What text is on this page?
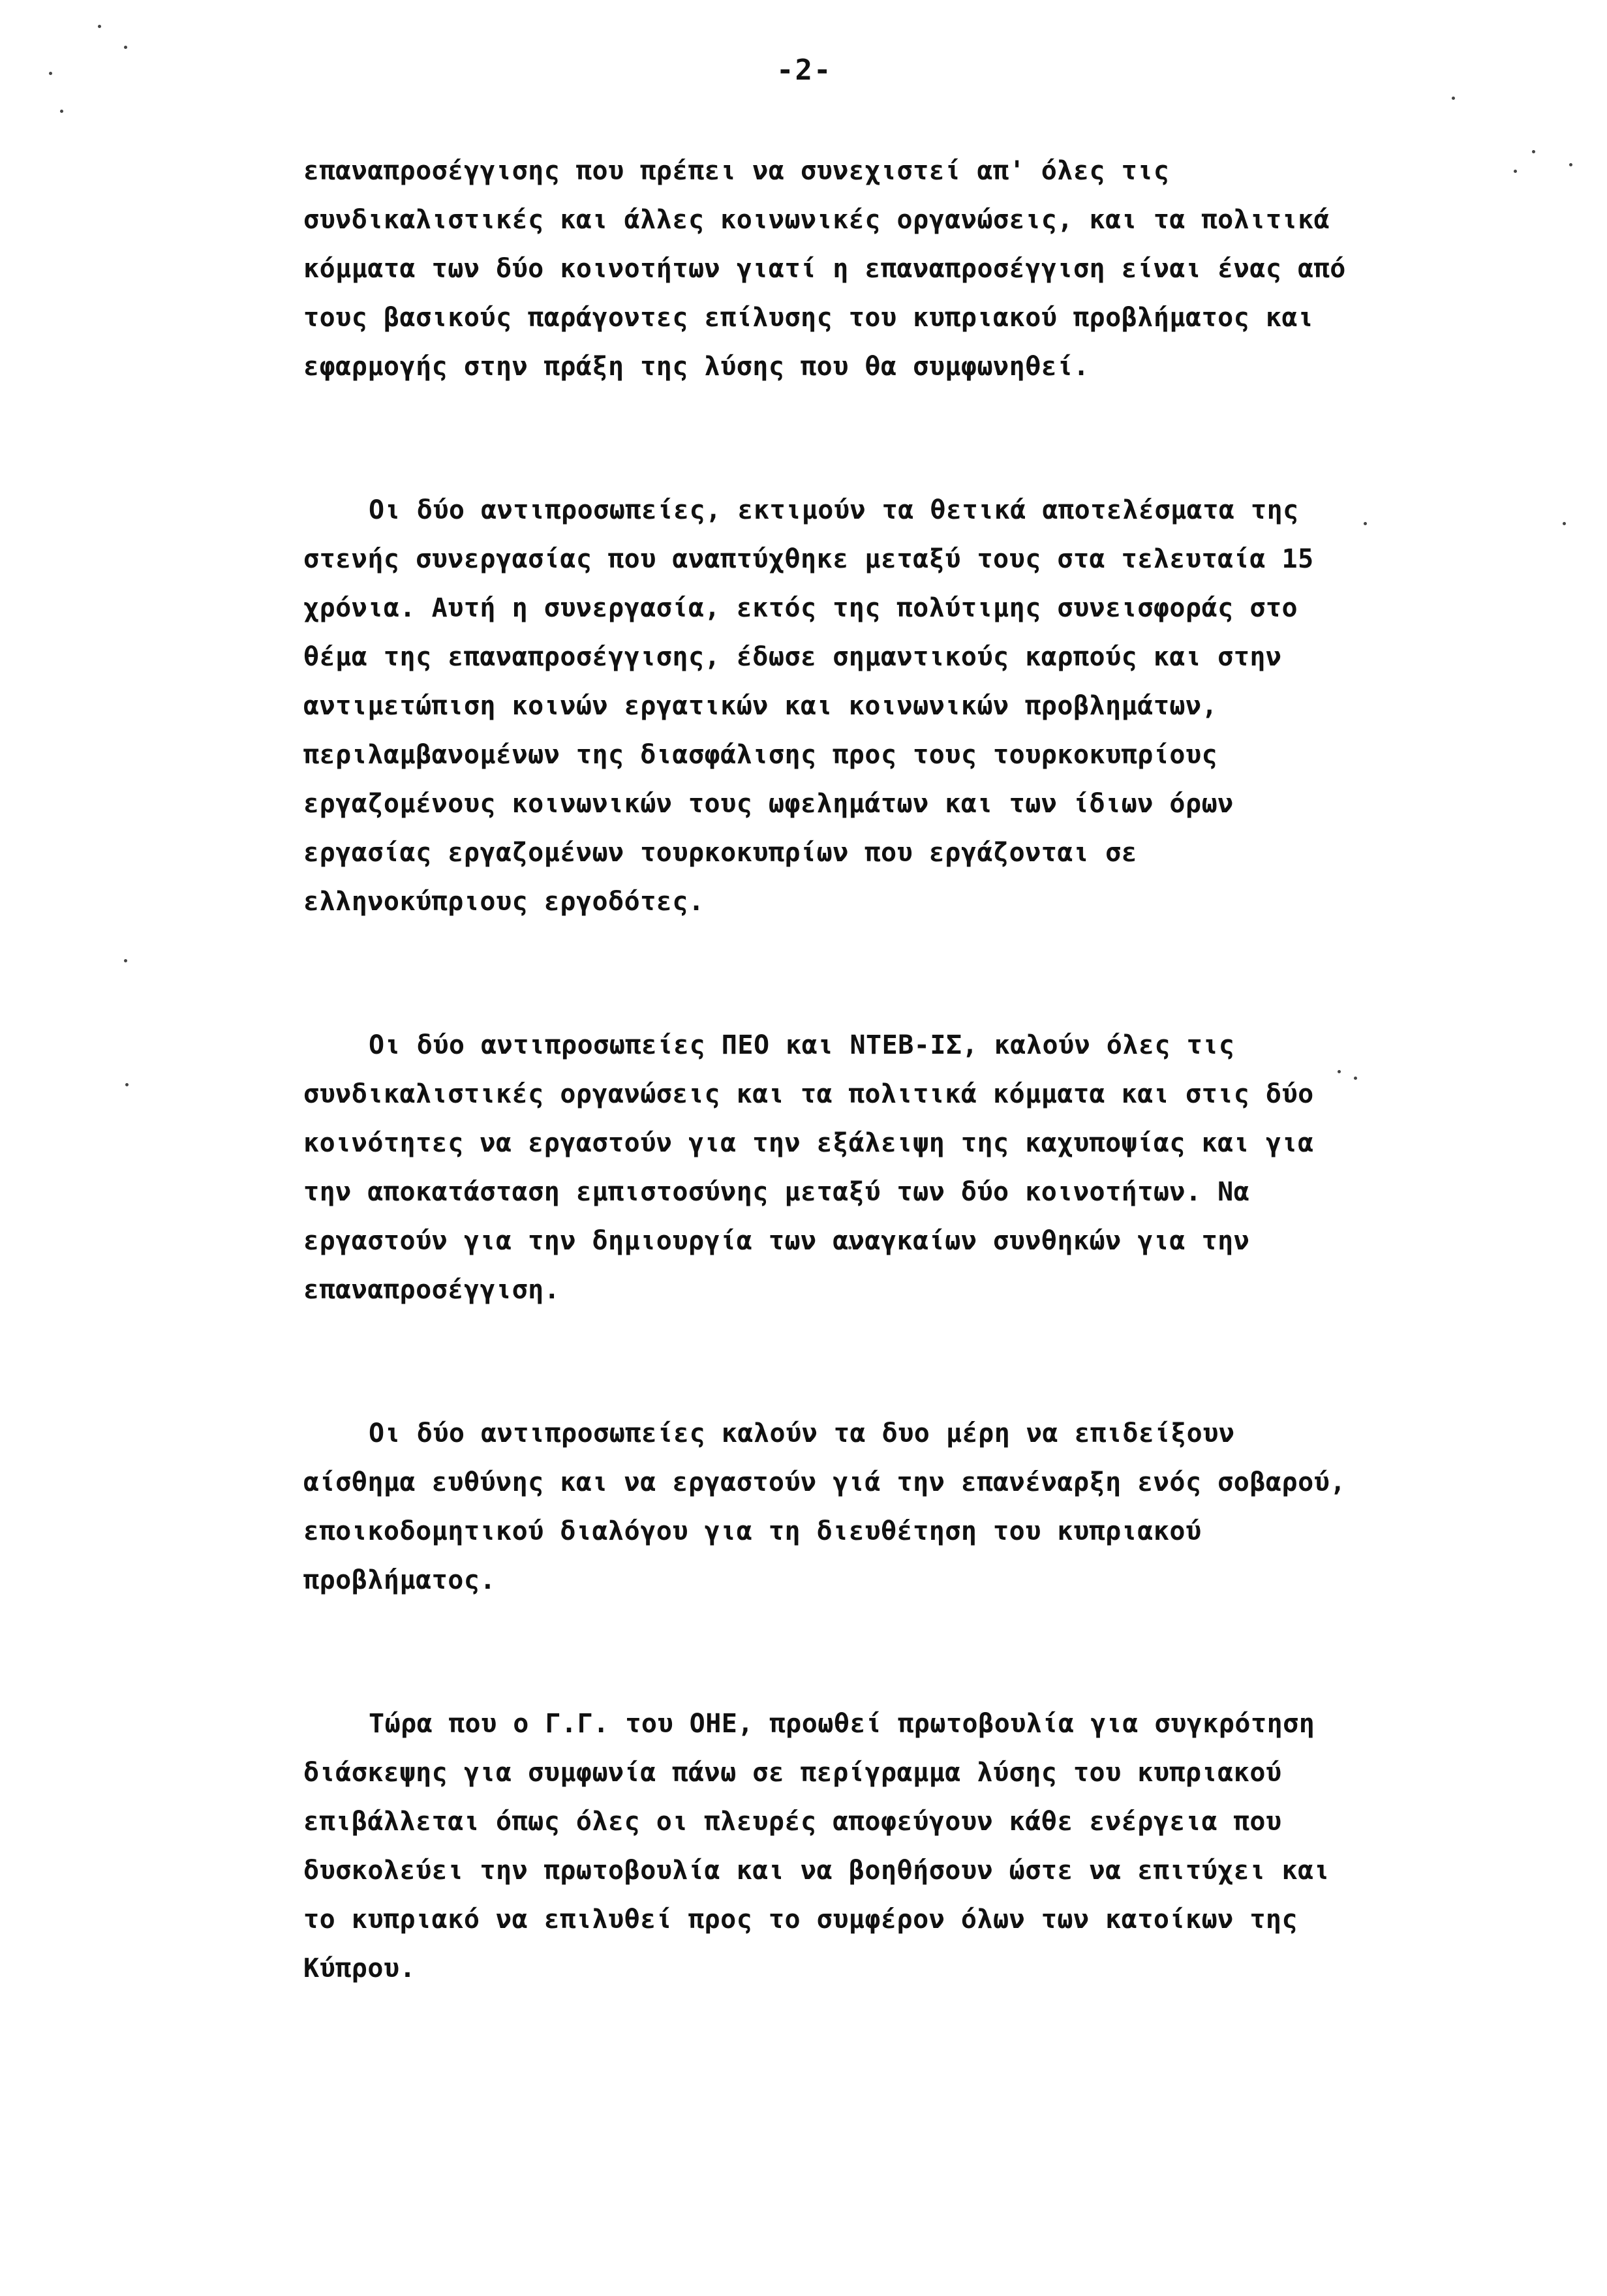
-2-

επαναπροσέγγισης που πρέπει να συνεχιστεί απ' όλες τις
συνδικαλιστικές και άλλες κοινωνικές οργανώσεις, και τα πολιτικά
κόμματα των δύο κοινοτήτων γιατί η επαναπροσέγγιση είναι ένας από
τους βασικούς παράγοντες επίλυσης του κυπριακού προβλήματος και
εφαρμογής στην πράξη της λύσης που θα συμφωνηθεί.

Οι δύο αντιπροσωπείες, εκτιμούν τα θετικά αποτελέσματα της
στενής συνεργασίας που αναπτύχθηκε μεταξύ τους στα τελευταία 15
χρόνια. Αυτή η συνεργασία, εκτός της πολύτιμης συνεισφοράς στο
θέμα της επαναπροσέγγισης, έδωσε σημαντικούς καρπούς και στην
αντιμετώπιση κοινών εργατικών και κοινωνικών προβλημάτων,
περιλαμβανομένων της διασφάλισης προς τους τουρκοκυπρίους
εργαζομένους κοινωνικών τους ωφελημάτων και των ίδιων όρων
εργασίας εργαζομένων τουρκοκυπρίων που εργάζονται σε
ελληνοκύπριους εργοδότες.

Οι δύο αντιπροσωπείες ΠΕΟ και ΝΤΕΒ-ΙΣ, καλούν όλες τις
συνδικαλιστικές οργανώσεις και τα πολιτικά κόμματα και στις δύο
κοινότητες να εργαστούν για την εξάλειψη της καχυποψίας και για
την αποκατάσταση εμπιστοσύνης μεταξύ των δύο κοινοτήτων. Να
εργαστούν για την δημιουργία των αναγκαίων συνθηκών για την
επαναπροσέγγιση.

Οι δύο αντιπροσωπείες καλούν τα δυο μέρη να επιδείξουν
αίσθημα ευθύνης και να εργαστούν γιά την επανέναρξη ενός σοβαρού,
εποικοδομητικού διαλόγου για τη διευθέτηση του κυπριακού
προβλήματος.

Τώρα που ο Γ.Γ. του ΟΗΕ, προωθεί πρωτοβουλία για συγκρότηση
διάσκεψης για συμφωνία πάνω σε περίγραμμα λύσης του κυπριακού
επιβάλλεται όπως όλες οι πλευρές αποφεύγουν κάθε ενέργεια που
δυσκολεύει την πρωτοβουλία και να βοηθήσουν ώστε να επιτύχει και
το κυπριακό να επιλυθεί προς το συμφέρον όλων των κατοίκων της
Κύπρου.
